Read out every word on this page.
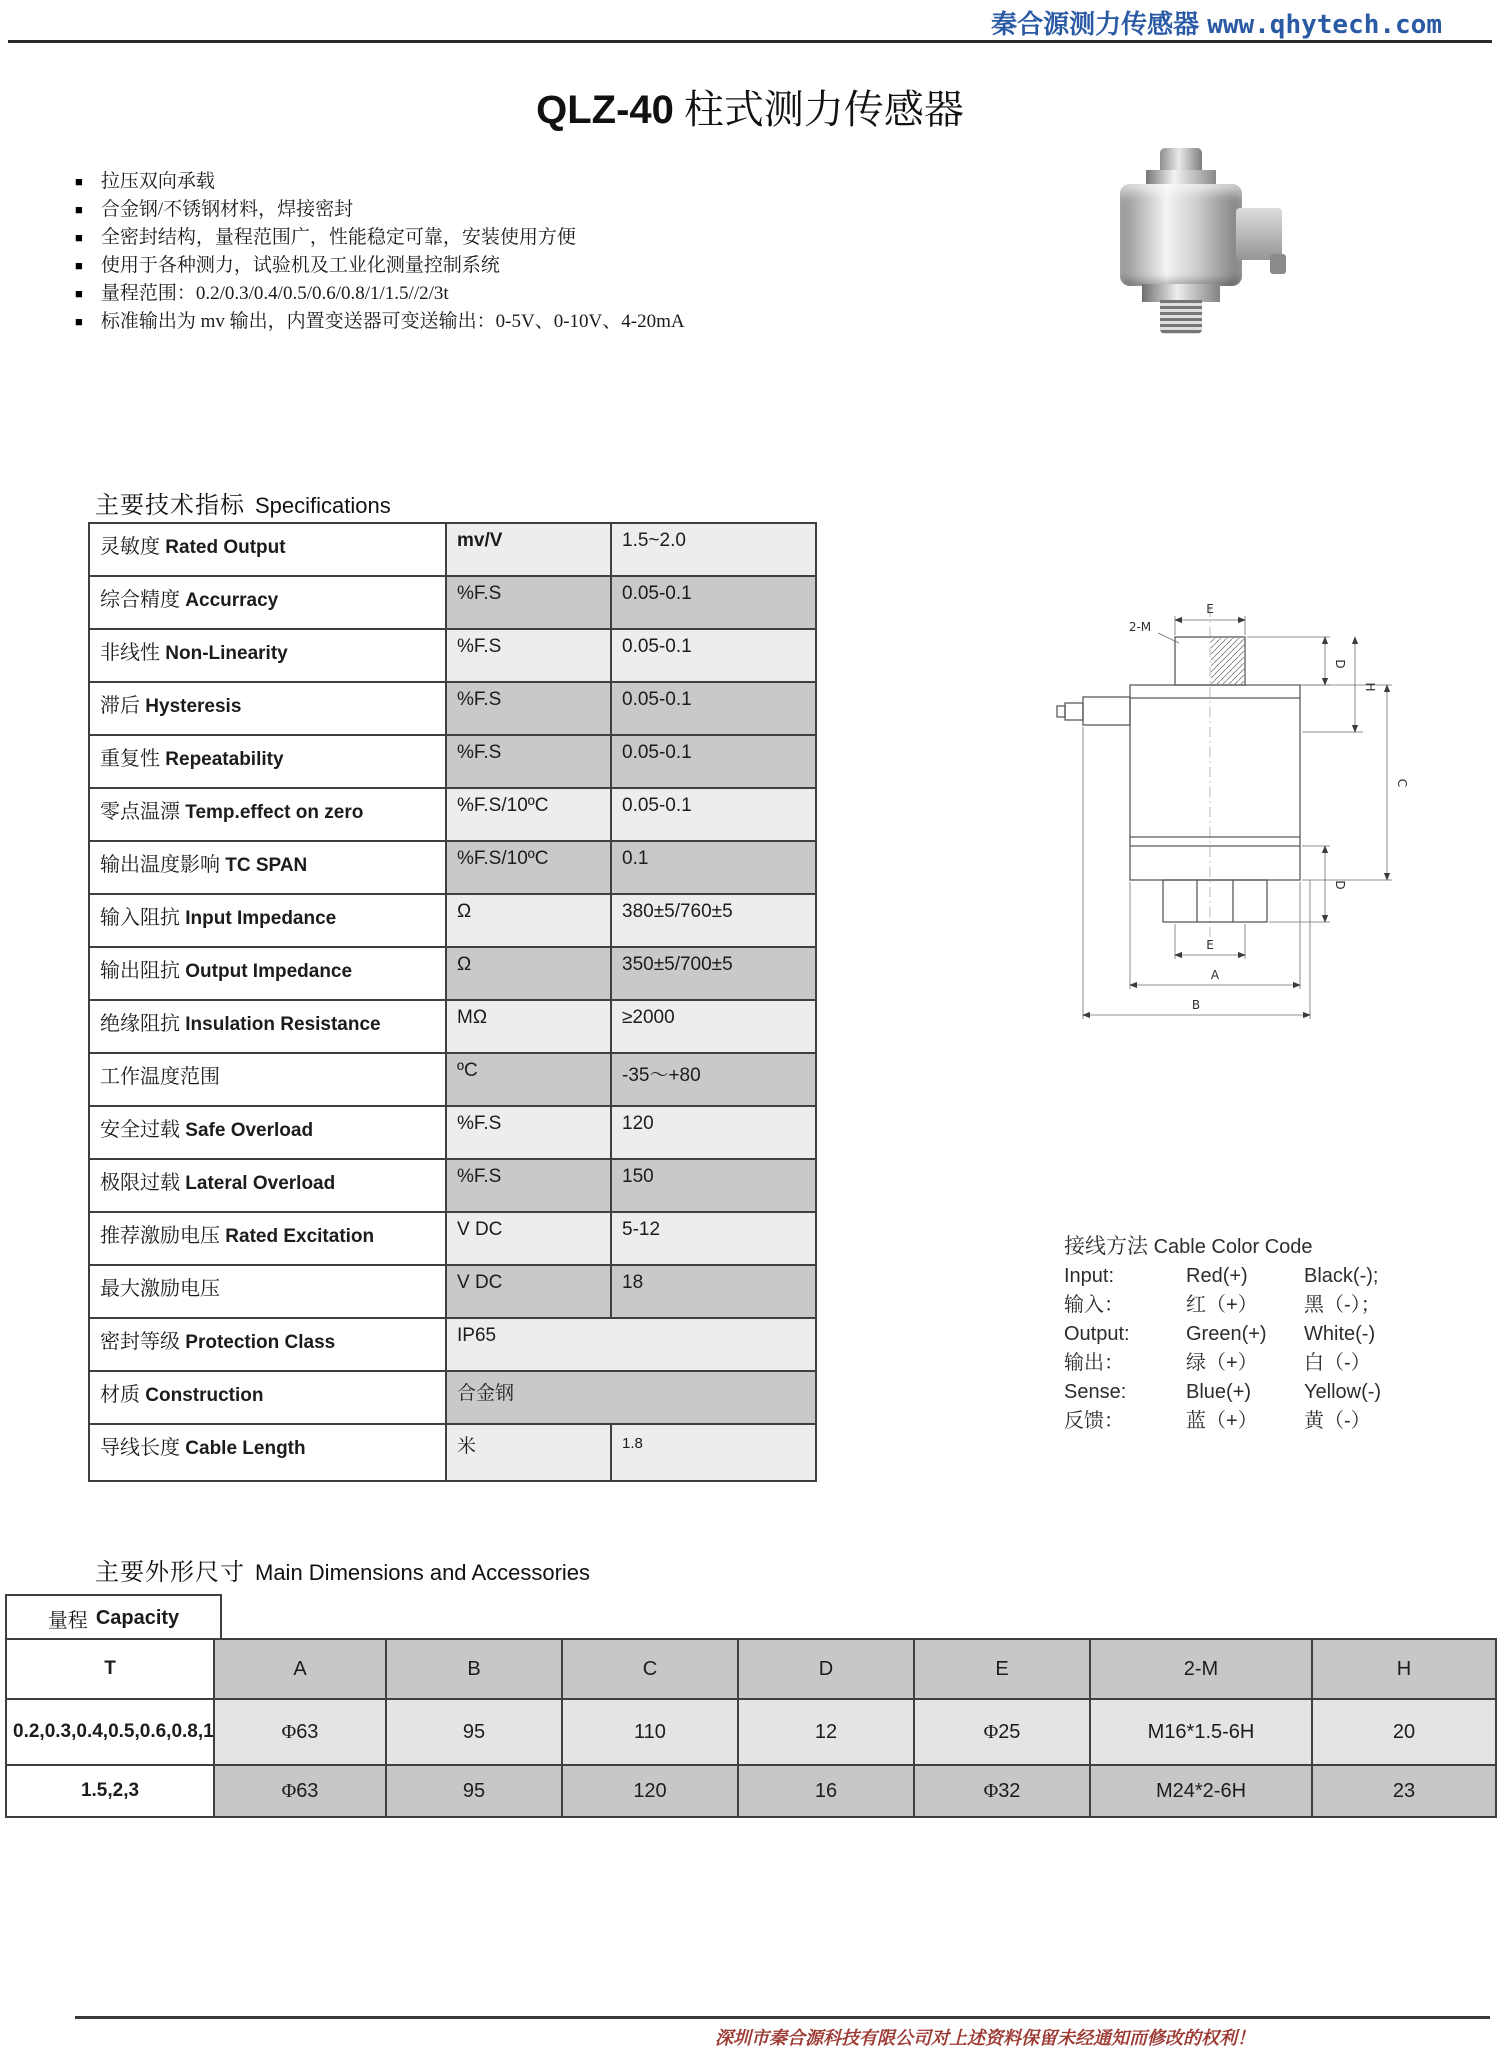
秦合源测力传感器 www.qhytech.com
QLZ-40 柱式测力传感器
■ 拉压双向承载
■ 合金钢/不锈钢材料，焊接密封
■ 全密封结构，量程范围广，性能稳定可靠，安装使用方便
■ 使用于各种测力，试验机及工业化测量控制系统
■ 量程范围：0.2/0.3/0.4/0.5/0.6/0.8/1/1.5//2/3t
■ 标准输出为 mv 输出，内置变送器可变送输出：0-5V、0-10V、4-20mA
主要技术指标 Specifications
灵敏度 Rated Output	mv/V	1.5~2.0
综合精度 Accurracy	%F.S	0.05-0.1
非线性 Non-Linearity	%F.S	0.05-0.1
滞后 Hysteresis	%F.S	0.05-0.1
重复性 Repeatability	%F.S	0.05-0.1
零点温漂 Temp.effect on zero	%F.S/10ºC	0.05-0.1
输出温度影响 TC SPAN	%F.S/10ºC	0.1
输入阻抗 Input Impedance	Ω	380±5/760±5
输出阻抗 Output Impedance	Ω	350±5/700±5
绝缘阻抗 Insulation Resistance	MΩ	≥2000
工作温度范围	ºC	-35～+80
安全过载 Safe Overload	%F.S	120
极限过载 Lateral Overload	%F.S	150
推荐激励电压 Rated Excitation	V DC	5-12
最大激励电压	V DC	18
密封等级 Protection Class	IP65	
材质 Construction	合金钢	
导线长度 Cable Length	米	1.8
E
2-M
D
H
C
D
E
A
B
接线方法 Cable Color Code
Input:	Red(+)	Black(-);
输入：	红（+）	黑（-）；
Output:	Green(+)	White(-)
输出：	绿（+）	白（-）
Sense:	Blue(+)	Yellow(-)
反馈：	蓝（+）	黄（-）
主要外形尺寸 Main Dimensions and Accessories
量程 Capacity
T	A	B	C	D	E	2-M	H
0.2,0.3,0.4,0.5,0.6,0.8,1	Φ63	95	110	12	Φ25	M16*1.5-6H	20
1.5,2,3	Φ63	95	120	16	Φ32	M24*2-6H	23
深圳市秦合源科技有限公司对上述资料保留未经通知而修改的权利！
